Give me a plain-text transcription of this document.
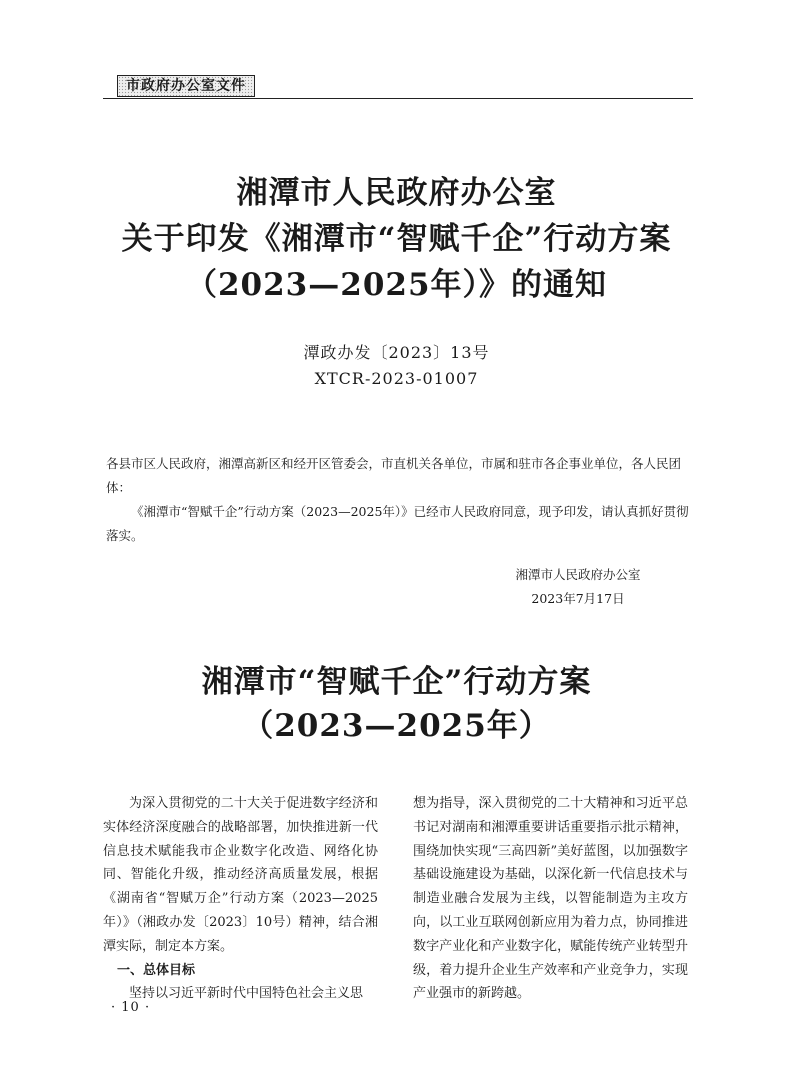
市政府办公室文件
湘潭市人民政府办公室
关于印发《湘潭市“智赋千企”行动方案
（2023—2025年）》的通知
潭政办发〔2023〕13号
XTCR-2023-01007
各县市区人民政府，湘潭高新区和经开区管委会，市直机关各单位，市属和驻市各企事业单位，各人民团体：
《湘潭市“智赋千企”行动方案（2023—2025年）》已经市人民政府同意，现予印发，请认真抓好贯彻落实。
湘潭市人民政府办公室
2023年7月17日
湘潭市“智赋千企”行动方案
（2023—2025年）

为深入贯彻党的二十大关于促进数字经济和实体经济深度融合的战略部署，加快推进新一代信息技术赋能我市企业数字化改造、网络化协同、智能化升级，推动经济高质量发展，根据《湖南省“智赋万企”行动方案（2023—2025年）》（湘政办发〔2023〕10号）精神，结合湘潭实际，制定本方案。

一、总体目标

坚持以习近平新时代中国特色社会主义思

想为指导，深入贯彻党的二十大精神和习近平总书记对湖南和湘潭重要讲话重要指示批示精神，围绕加快实现“三高四新”美好蓝图，以加强数字基础设施建设为基础，以深化新一代信息技术与制造业融合发展为主线，以智能制造为主攻方向，以工业互联网创新应用为着力点，协同推进数字产业化和产业数字化，赋能传统产业转型升级，着力提升企业生产效率和产业竞争力，实现产业强市的新跨越。

· 10 ·
